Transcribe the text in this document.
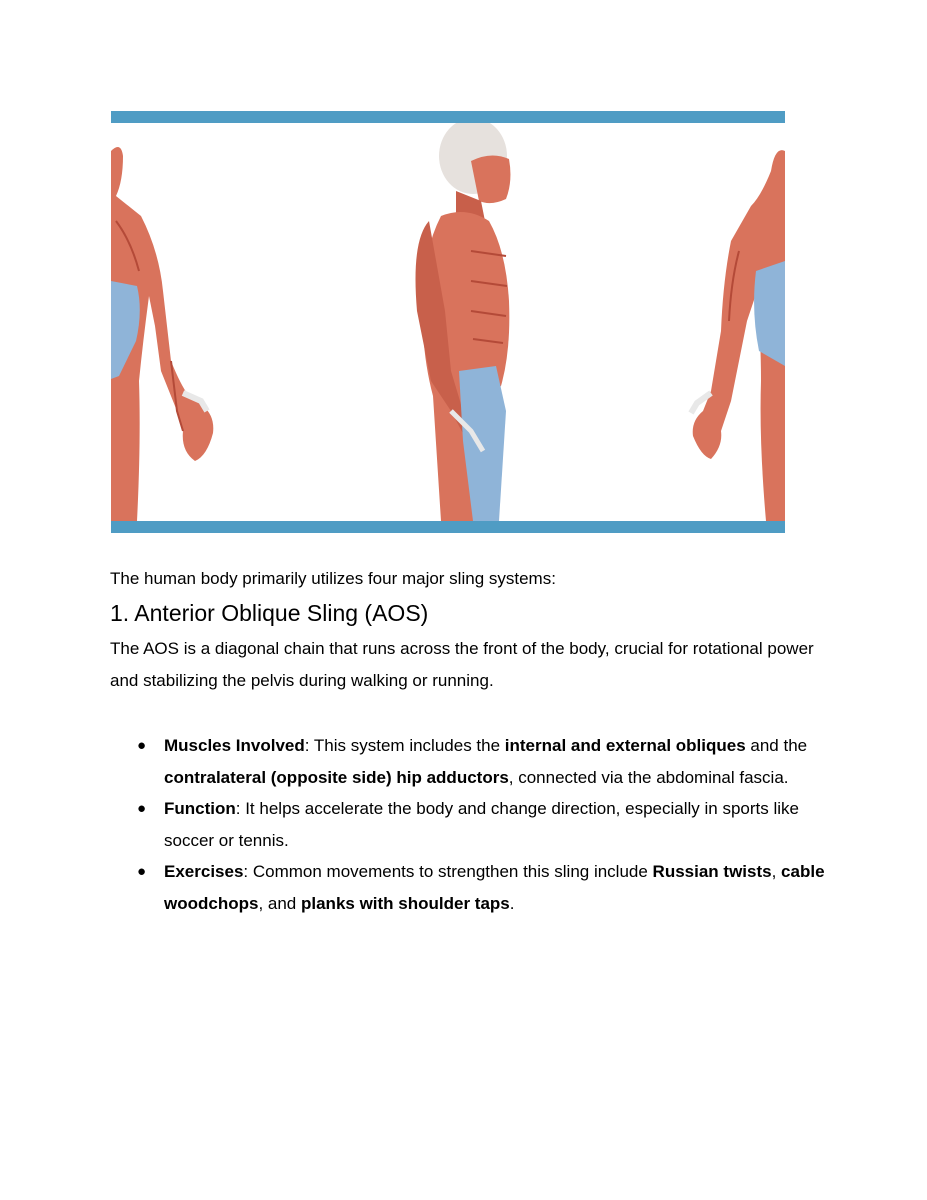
The human body primarily utilizes four major sling systems:
1. Anterior Oblique Sling (AOS)

The AOS is a diagonal chain that runs across the front of the body, crucial for rotational power and stabilizing the pelvis during walking or running.

● Muscles Involved: This system includes the internal and external obliques and the contralateral (opposite side) hip adductors, connected via the abdominal fascia.
● Function: It helps accelerate the body and change direction, especially in sports like soccer or tennis.
● Exercises: Common movements to strengthen this sling include Russian twists, cable woodchops, and planks with shoulder taps.
